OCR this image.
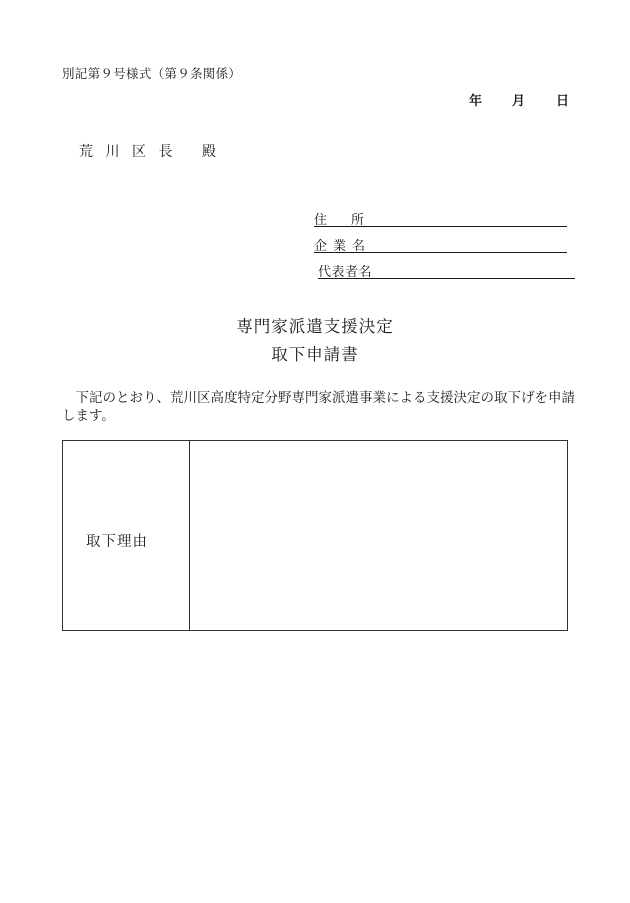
別記第９号様式（第９条関係）
年 月 日
荒川区長 殿
住所
企業名
代表者名
専門家派遣支援決定
取下申請書
　下記のとおり、荒川区高度特定分野専門家派遣事業による支援決定の取下げを申請します。
取下理由
